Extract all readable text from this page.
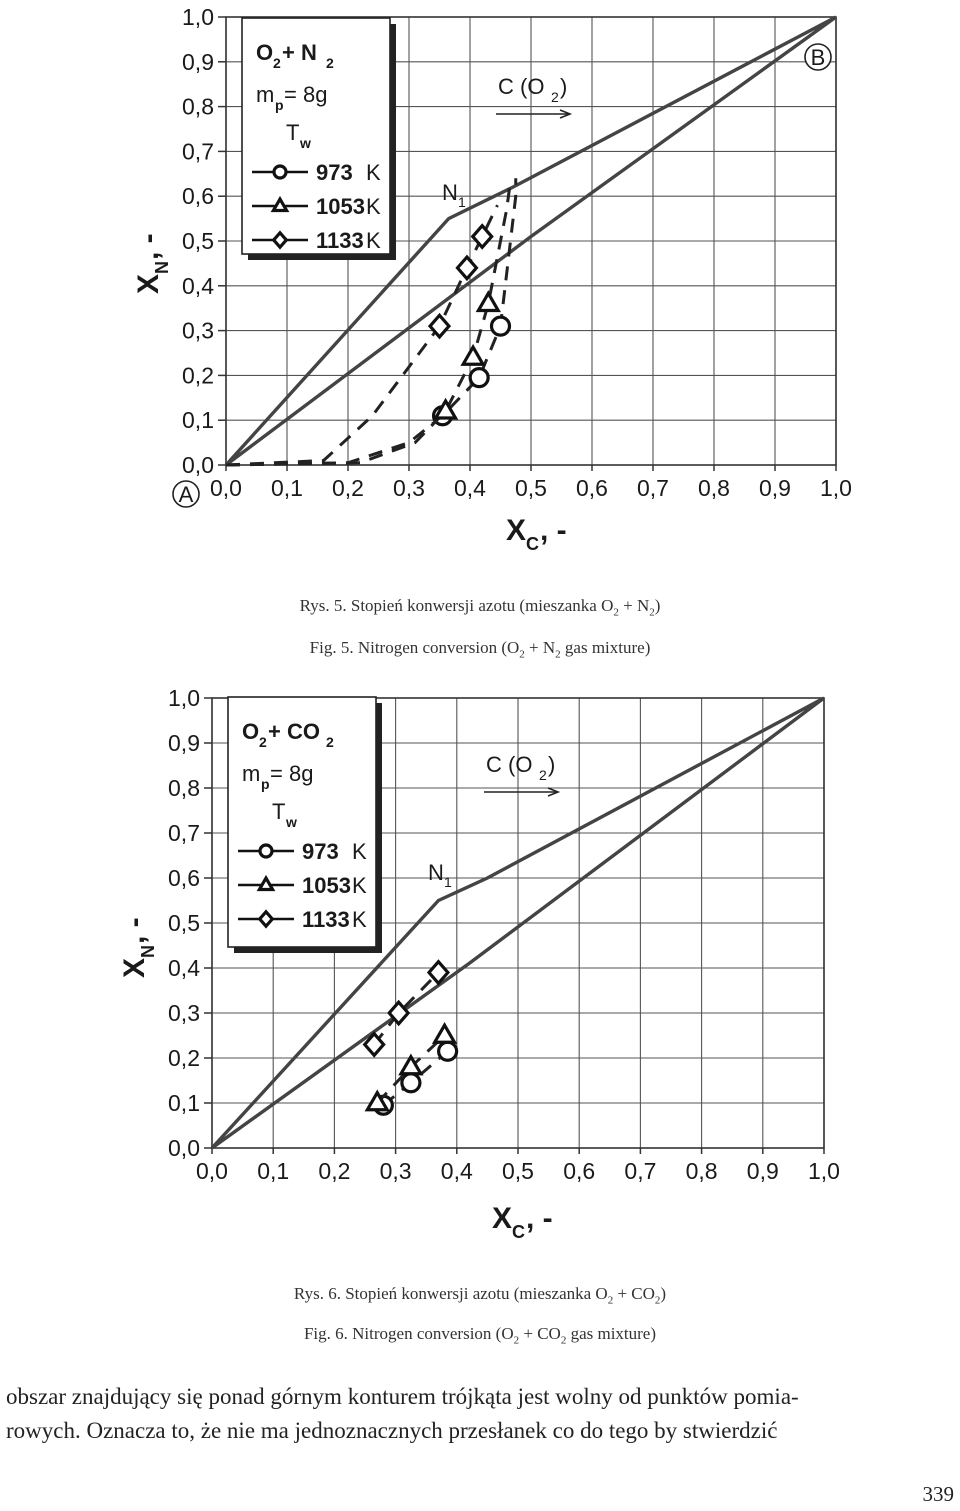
0,0
0,0
0,1
0,1
0,2
0,2
0,3
0,3
0,4
0,4
0,5
0,5
0,6
0,6
0,7
0,7
0,8
0,8
0,9
0,9
1,0
1,0
X C , -
X
N
, -
O 2 + N 2
m p = 8g
T w
973 K
1053 K
1133 K
C (O 2 )
N 1
A
B
Rys. 5. Stopień konwersji azotu (mieszanka $O_2 + N_2$)
Fig. 5. Nitrogen conversion ($O_2 + N_2$ gas mixture)
0,0
0,0
0,1
0,1
0,2
0,2
0,3
0,3
0,4
0,4
0,5
0,5
0,6
0,6
0,7
0,7
0,8
0,8
0,9
0,9
1,0
1,0
X C , -
X
N
, -
O 2 + CO 2
m p = 8g
T w
973 K
1053 K
1133 K
C (O 2 )
N 1
Rys. 6. Stopień konwersji azotu (mieszanka $O_2 + CO_2$)
Fig. 6. Nitrogen conversion ($O_2 + CO_2$ gas mixture)

obszar znajdujący się ponad górnym konturem trójkąta jest wolny od punktów pomia-

rowych. Oznacza to, że nie ma jednoznacznych przesłanek co do tego by stwierdzić

339
